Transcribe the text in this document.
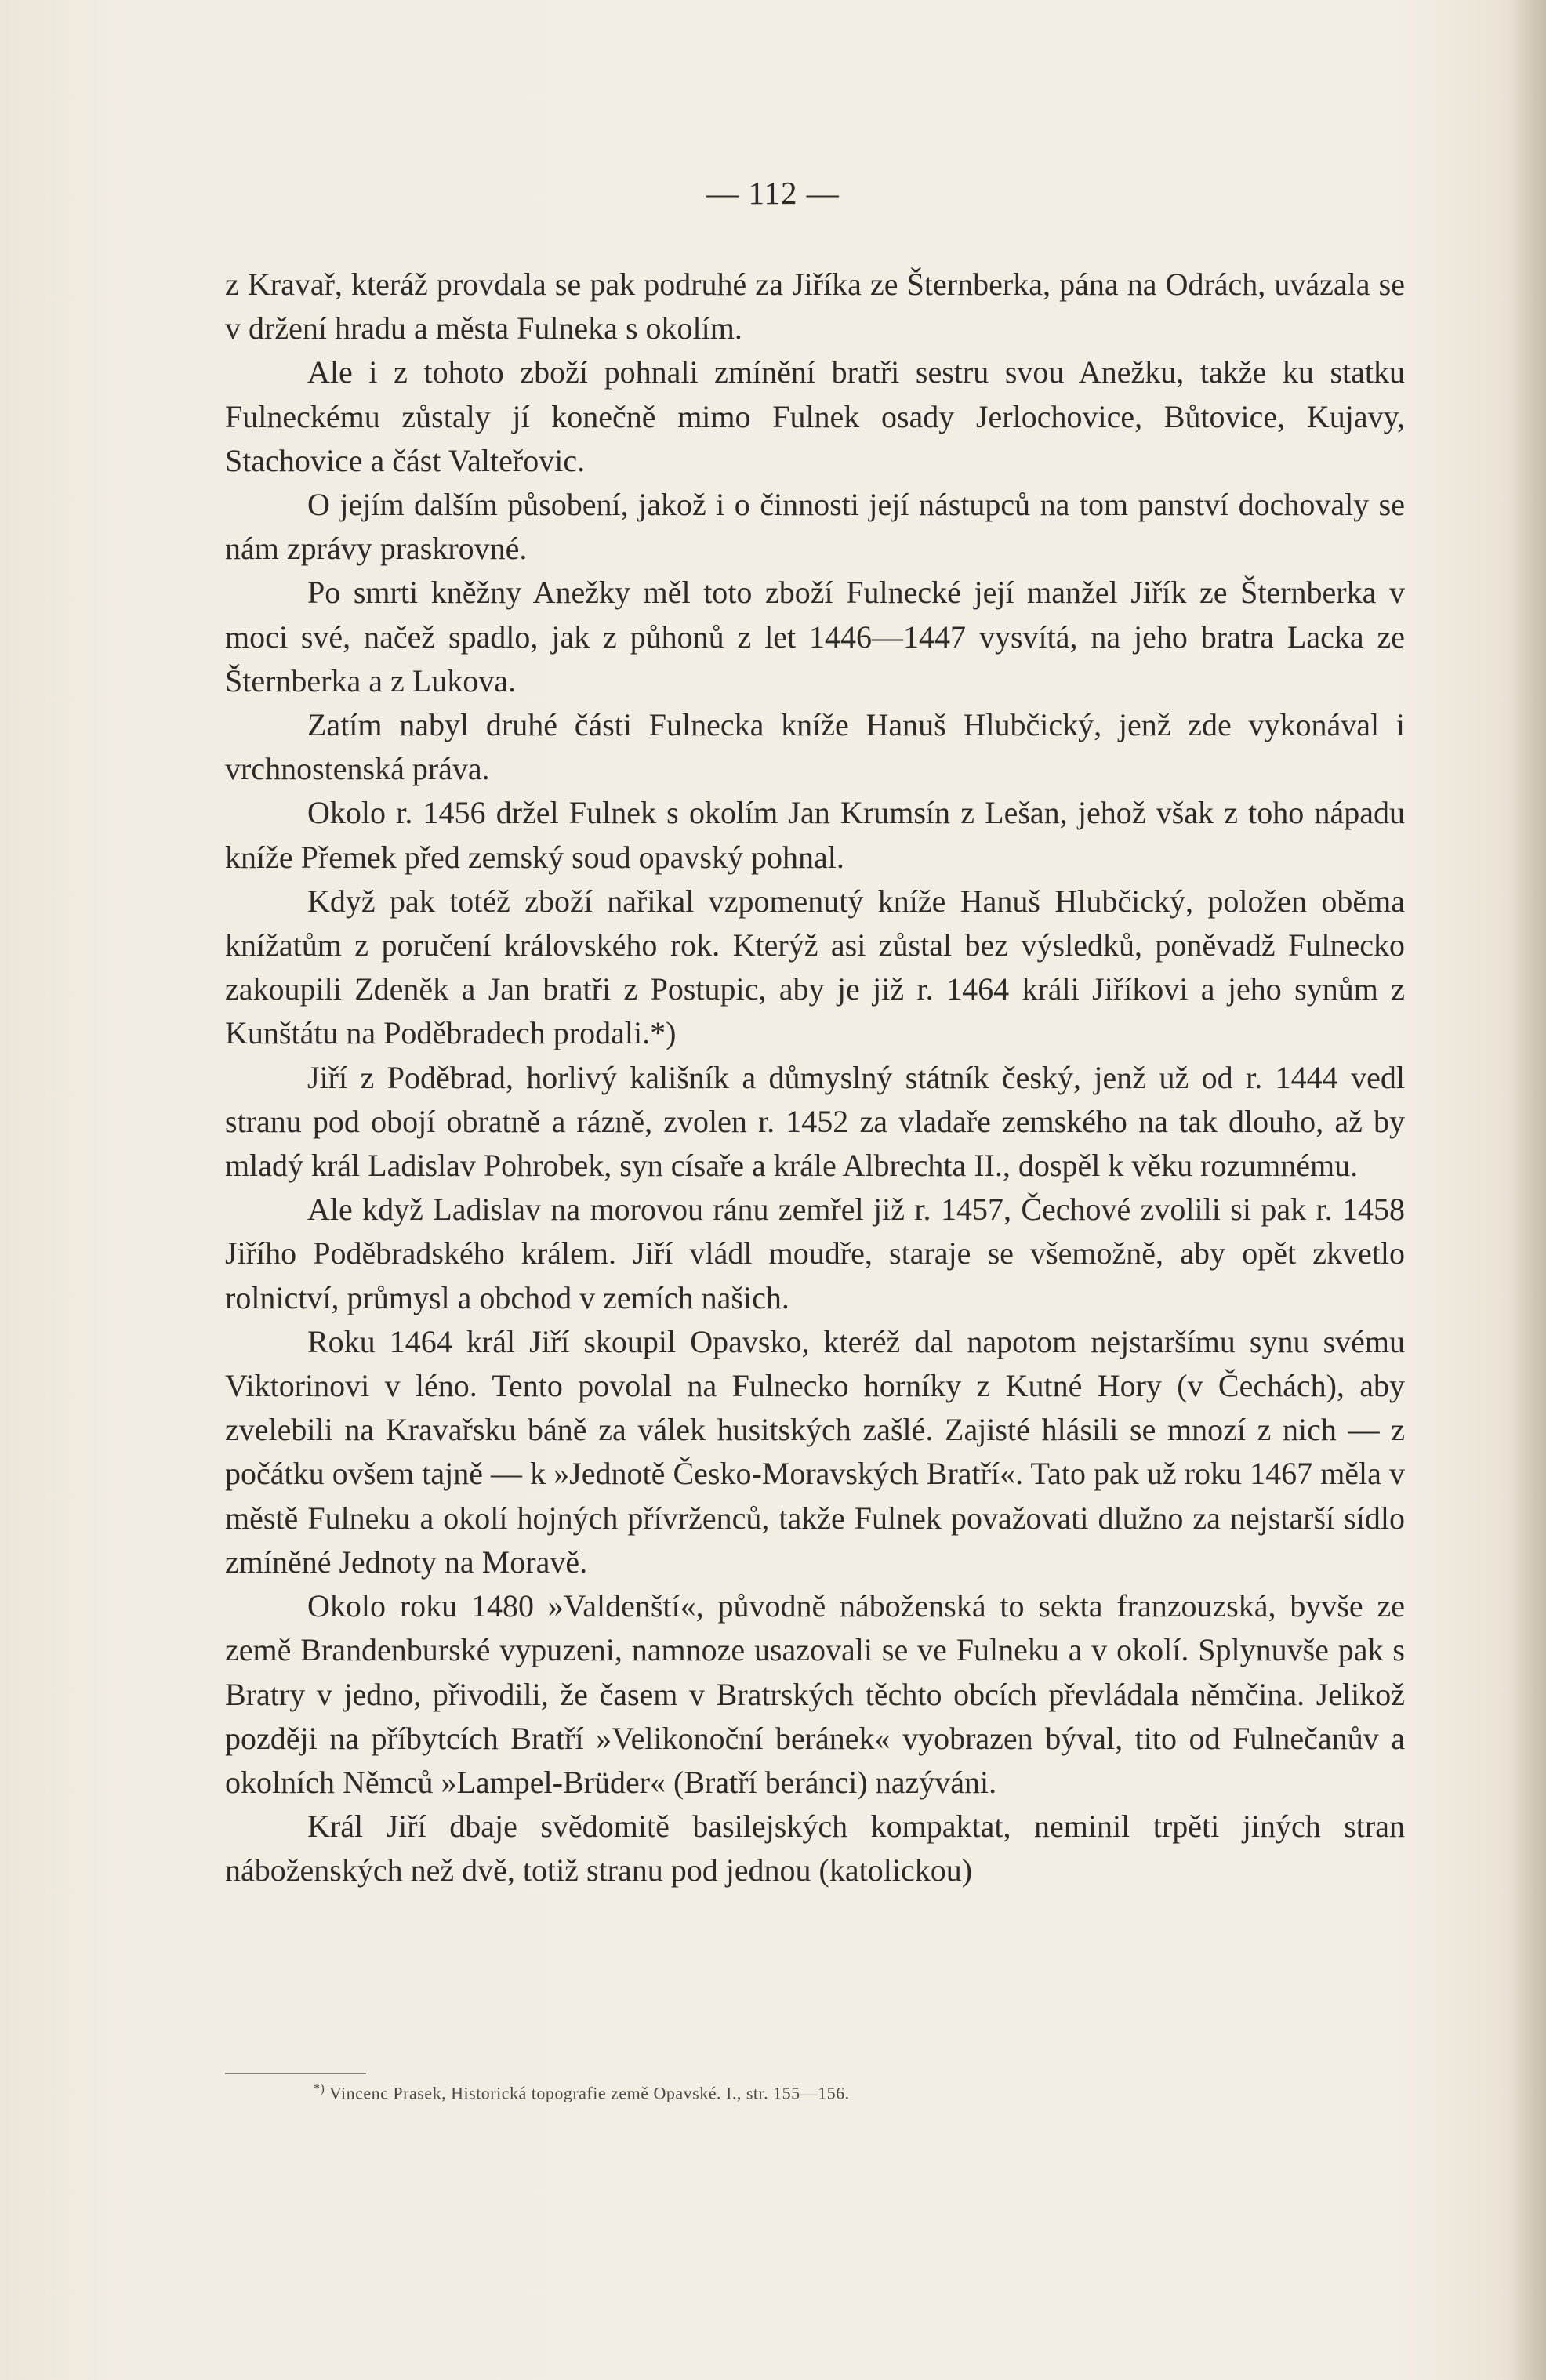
— 112 —

z Kravař, kteráž provdala se pak podruhé za Jiříka ze Šternberka, pána na Odrách, uvázala se v držení hradu a města Fulneka s okolím.

Ale i z tohoto zboží pohnali zmínění bratři sestru svou Anežku, takže ku statku Fulneckému zůstaly jí konečně mimo Fulnek osady Jerlochovice, Bůtovice, Kujavy, Stachovice a část Valteřovic.

O jejím dalším působení, jakož i o činnosti její nástupců na tom panství dochovaly se nám zprávy praskrovné.

Po smrti kněžny Anežky měl toto zboží Fulnecké její manžel Jiřík ze Šternberka v moci své, načež spadlo, jak z půhonů z let 1446—1447 vysvítá, na jeho bratra Lacka ze Šternberka a z Lukova.

Zatím nabyl druhé části Fulnecka kníže Hanuš Hlubčický, jenž zde vykonával i vrchnostenská práva.

Okolo r. 1456 držel Fulnek s okolím Jan Krumsín z Lešan, jehož však z toho nápadu kníže Přemek před zemský soud opavský pohnal.

Když pak totéž zboží nařikal vzpomenutý kníže Hanuš Hlubčický, položen oběma knížatům z poručení královského rok. Kterýž asi zůstal bez výsledků, poněvadž Fulnecko zakoupili Zdeněk a Jan bratři z Postupic, aby je již r. 1464 králi Jiříkovi a jeho synům z Kunštátu na Poděbradech prodali.*)

Jiří z Poděbrad, horlivý kališník a důmyslný státník český, jenž už od r. 1444 vedl stranu pod obojí obratně a rázně, zvolen r. 1452 za vladaře zemského na tak dlouho, až by mladý král Ladislav Pohrobek, syn císaře a krále Albrechta II., dospěl k věku rozumnému.

Ale když Ladislav na morovou ránu zemřel již r. 1457, Čechové zvolili si pak r. 1458 Jiřího Poděbradského králem. Jiří vládl moudře, staraje se všemožně, aby opět zkvetlo rolnictví, průmysl a obchod v zemích našich.

Roku 1464 král Jiří skoupil Opavsko, kteréž dal napotom nejstaršímu synu svému Viktorinovi v léno. Tento povolal na Fulnecko horníky z Kutné Hory (v Čechách), aby zvelebili na Kravařsku báně za válek husitských zašlé. Zajisté hlásili se mnozí z nich — z počátku ovšem tajně — k »Jednotě Česko-Moravských Bratří«. Tato pak už roku 1467 měla v městě Fulneku a okolí hojných přívrženců, takže Fulnek považovati dlužno za nejstarší sídlo zmíněné Jednoty na Moravě.

Okolo roku 1480 »Valdenští«, původně náboženská to sekta franzouzská, byvše ze země Brandenburské vypuzeni, namnoze usazovali se ve Fulneku a v okolí. Splynuvše pak s Bratry v jedno, přivodili, že časem v Bratrských těchto obcích převládala němčina. Jelikož později na příbytcích Bratří »Velikonoční beránek« vyobrazen býval, tito od Fulnečanův a okolních Němců »Lampel-Brüder« (Bratří beránci) nazýváni.

Král Jiří dbaje svědomitě basilejských kompaktat, neminil trpěti jiných stran náboženských než dvě, totiž stranu pod jednou (katolickou)

*) Vincenc Prasek, Historická topografie země Opavské. I., str. 155—156.
